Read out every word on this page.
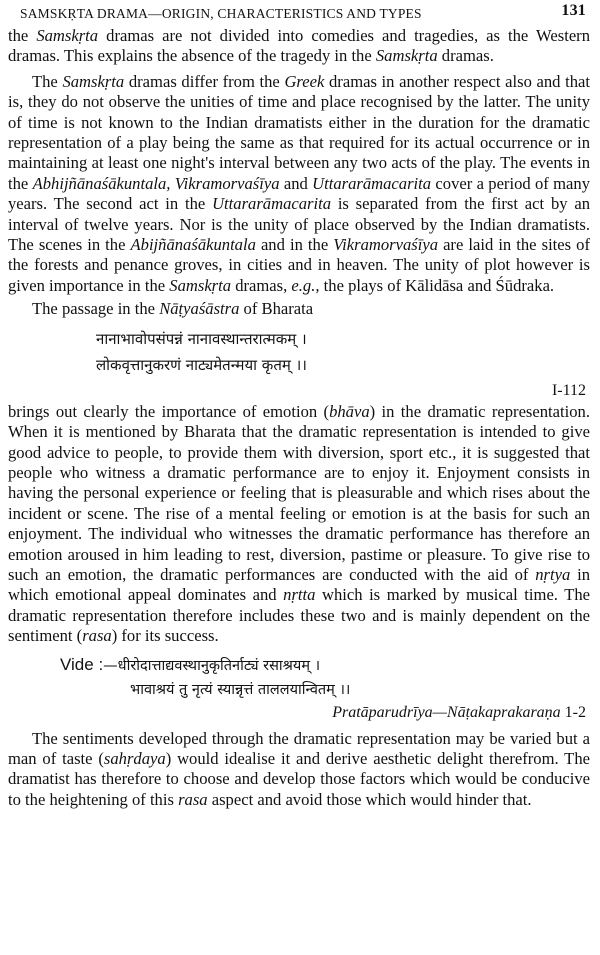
SAMSKṚTA DRAMA—ORIGIN, CHARACTERISTICS AND TYPES	131

the Samskṛta dramas are not divided into comedies and tragedies, as the Western dramas. This explains the absence of the tragedy in the Samskṛta dramas.

The Samskṛta dramas differ from the Greek dramas in another respect also and that is, they do not observe the unities of time and place recognised by the latter. The unity of time is not known to the Indian dramatists either in the duration for the dramatic representation of a play being the same as that required for its actual occurrence or in maintaining at least one night's interval between any two acts of the play. The events in the Abhijñānaśākuntala, Vikramorvaśīya and Uttararāmacarita cover a period of many years. The second act in the Uttararāmacarita is separated from the first act by an interval of twelve years. Nor is the unity of place observed by the Indian dramatists. The scenes in the Abijñānaśākuntala and in the Vikramorvaśīya are laid in the sites of the forests and penance groves, in cities and in heaven. The unity of plot however is given importance in the Samskṛta dramas, e.g., the plays of Kālidāsa and Śūdraka.

The passage in the Nāṭyaśāstra of Bharata

नानाभावोपसंपन्नं नानावस्थान्तरात्मकम् ।
लोकवृत्तानुकरणं नाट्यमेतन्मया कृतम् ।।
I-112

brings out clearly the importance of emotion (bhāva) in the dramatic representation. When it is mentioned by Bharata that the dramatic representation is intended to give good advice to people, to provide them with diversion, sport etc., it is suggested that people who witness a dramatic performance are to enjoy it. Enjoyment consists in having the personal experience or feeling that is pleasurable and which rises about the incident or scene. The rise of a mental feeling or emotion is at the basis for such an enjoyment. The individual who witnesses the dramatic performance has therefore an emotion aroused in him leading to rest, diversion, pastime or pleasure. To give rise to such an emotion, the dramatic performances are conducted with the aid of nṛtya in which emotional appeal dominates and nṛtta which is marked by musical time. The dramatic representation therefore includes these two and is mainly dependent on the sentiment (rasa) for its success.

Vide :—धीरोदात्ताद्यवस्थानुकृतिर्नाट्यं रसाश्रयम् ।
भावाश्रयं तु नृत्यं स्यान्नृत्तं ताललयान्वितम् ।।
Pratāparudrīya—Nāṭakaprakaraṇa 1-2

The sentiments developed through the dramatic representation may be varied but a man of taste (sahṛdaya) would idealise it and derive aesthetic delight therefrom. The dramatist has therefore to choose and develop those factors which would be conducive to the heightening of this rasa aspect and avoid those which would hinder that.
